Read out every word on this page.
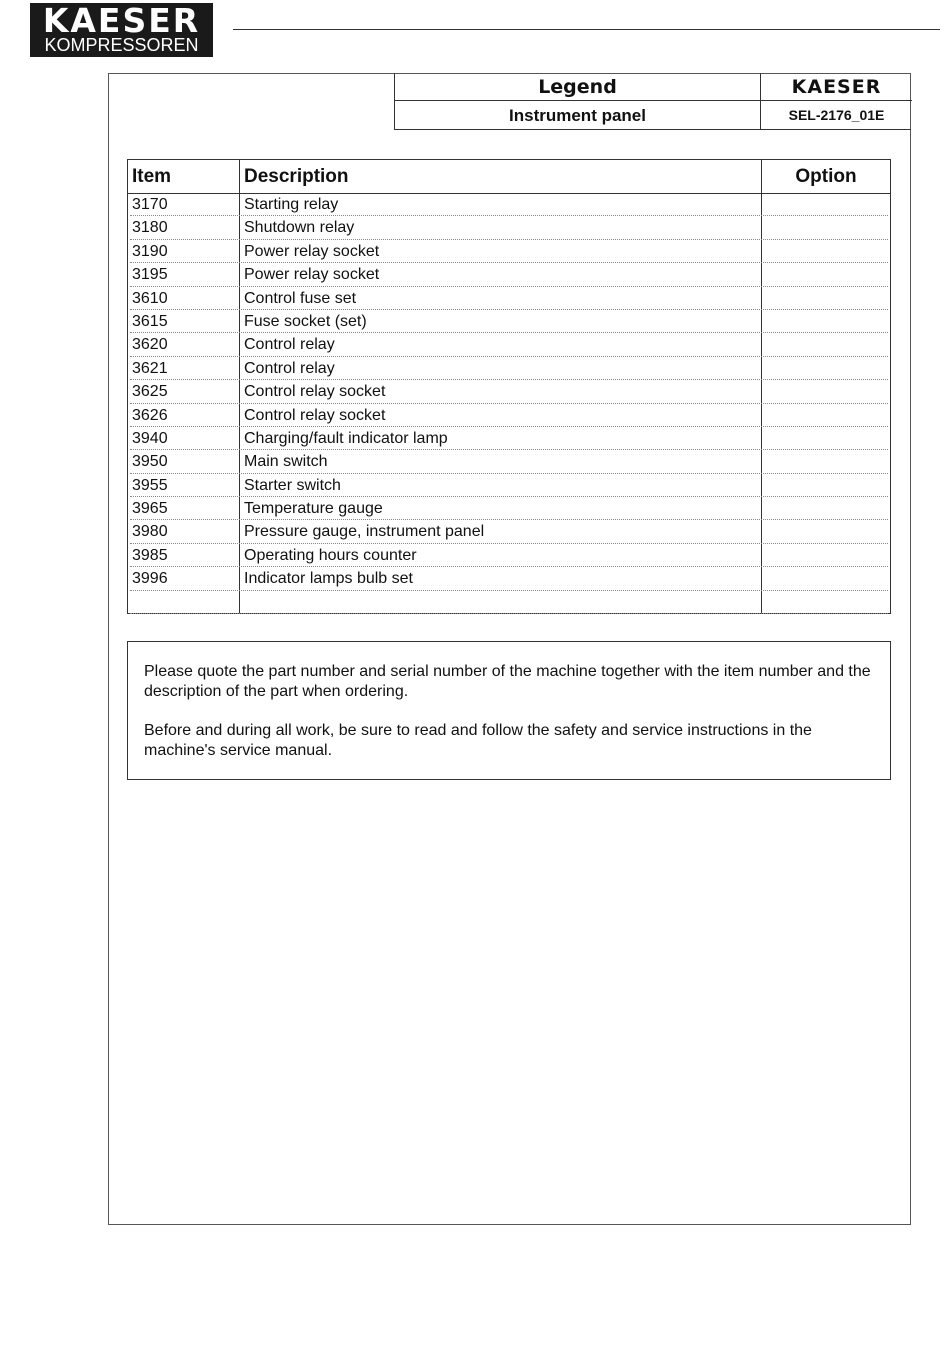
KAESER
KOMPRESSOREN
Legend	KAESER
Instrument panel	SEL-2176_01E
Item	Description	Option
3170	Starting relay
3180	Shutdown relay
3190	Power relay socket
3195	Power relay socket
3610	Control fuse set
3615	Fuse socket (set)
3620	Control relay
3621	Control relay
3625	Control relay socket
3626	Control relay socket
3940	Charging/fault indicator lamp
3950	Main switch
3955	Starter switch
3965	Temperature gauge
3980	Pressure gauge, instrument panel
3985	Operating hours counter
3996	Indicator lamps bulb set

Please quote the part number and serial number of the machine together with the item number and the description of the part when ordering.

Before and during all work, be sure to read and follow the safety and service instructions in the machine's service manual.
